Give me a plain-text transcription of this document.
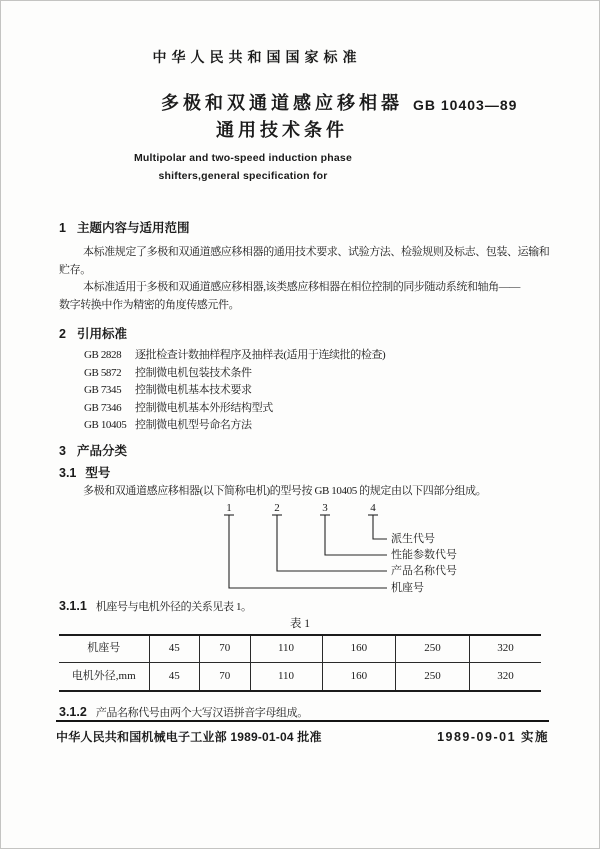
中华人民共和国国家标准
多极和双通道感应移相器
通用技术条件
GB 10403—89
Multipolar and two-speed induction phase
shifters,general specification for
1 主题内容与适用范围
本标准规定了多极和双通道感应移相器的通用技术要求、试验方法、检验规则及标志、包装、运输和
贮存。
本标准适用于多极和双通道感应移相器,该类感应移相器在相位控制的同步随动系统和轴角——
数字转换中作为精密的角度传感元件。
2 引用标准
GB 2828 逐批检查计数抽样程序及抽样表(适用于连续批的检查)
GB 5872 控制微电机包装技术条件
GB 7345 控制微电机基本技术要求
GB 7346 控制微电机基本外形结构型式
GB 10405 控制微电机型号命名方法
3 产品分类
3.1 型号
多极和双通道感应移相器(以下简称电机)的型号按 GB 10405 的规定由以下四部分组成。
1	2	3	4
派生代号
性能参数代号
产品名称代号
机座号
3.1.1 机座号与电机外径的关系见表 1。
表 1
机座号	45	70	110	160	250	320
电机外径,mm	45	70	110	160	250	320
3.1.2 产品名称代号由两个大写汉语拼音字母组成。
中华人民共和国机械电子工业部 1989-01-04 批准	1989-09-01 实施
